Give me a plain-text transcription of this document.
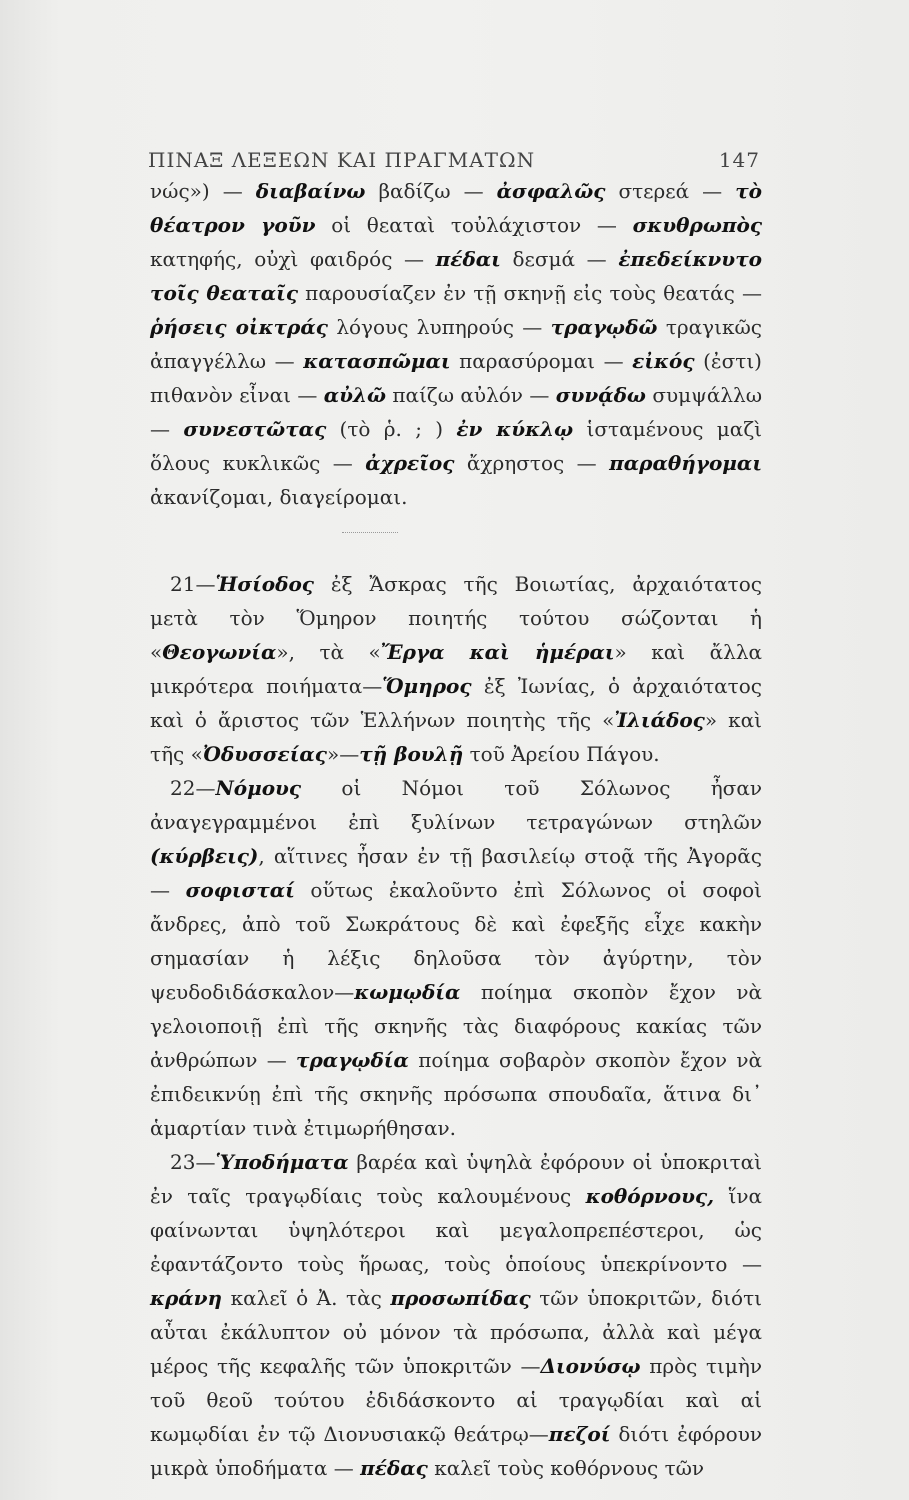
ΠΙΝΑΞ ΛΕΞΕΩΝ ΚΑΙ ΠΡΑΓΜΑΤΩΝ	147

νώς») — διαβαίνω βαδίζω — ἀσφαλῶς στερεά — τὸ θέατρον γοῦν οἱ θεαταὶ τοὐλάχιστον — σκυθρωπὸς κατηφής, οὐχὶ φαιδρός — πέδαι δεσμά — ἐπεδείκνυτο τοῖς θεαταῖς παρουσίαζεν ἐν τῇ σκηνῇ εἰς τοὺς θεατάς — ῥήσεις οἰκτράς λόγους λυπηρούς — τραγῳδῶ τραγικῶς ἀπαγγέλλω — κατασπῶμαι παρασύρομαι — εἰκός (ἐστι) πιθανὸν εἶναι — αὐλῶ παίζω αὐλόν — συνᾴδω συμψάλλω — συνεστῶτας (τὸ ῥ. ; ) ἐν κύκλῳ ἱσταμένους μαζὶ ὅλους κυκλικῶς — ἀχρεῖος ἄχρηστος — παραθήγομαι ἀκανίζομαι, διαγείρομαι.

21—Ἡσίοδος ἐξ Ἄσκρας τῆς Βοιωτίας, ἀρχαιότατος μετὰ τὸν Ὅμηρον ποιητής τούτου σώζονται ἡ «Θεογωνία», τὰ «Ἔργα καὶ ἡμέραι» καὶ ἄλλα μικρότερα ποιήματα—Ὅμηρος ἐξ Ἰωνίας, ὁ ἀρχαιότατος καὶ ὁ ἄριστος τῶν Ἑλλήνων ποιητὴς τῆς «Ἰλιάδος» καὶ τῆς «Ὀδυσσείας»—τῇ βουλῇ τοῦ Ἀρείου Πάγου.

22—Νόμους οἱ Νόμοι τοῦ Σόλωνος ἦσαν ἀναγεγραμμένοι ἐπὶ ξυλίνων τετραγώνων στηλῶν (κύρβεις), αἵτινες ἦσαν ἐν τῇ βασιλείῳ στοᾷ τῆς Ἀγορᾶς — σοφισταί οὕτως ἐκαλοῦντο ἐπὶ Σόλωνος οἱ σοφοὶ ἄνδρες, ἀπὸ τοῦ Σωκράτους δὲ καὶ ἐφεξῆς εἶχε κακὴν σημασίαν ἡ λέξις δηλοῦσα τὸν ἀγύρτην, τὸν ψευδοδιδάσκαλον—κωμῳδία ποίημα σκοπὸν ἔχον νὰ γελοιοποιῇ ἐπὶ τῆς σκηνῆς τὰς διαφόρους κακίας τῶν ἀνθρώπων — τραγῳδία ποίημα σοβαρὸν σκοπὸν ἔχον νὰ ἐπιδεικνύῃ ἐπὶ τῆς σκηνῆς πρόσωπα σπουδαῖα, ἅτινα δι᾽ ἁμαρτίαν τινὰ ἐτιμωρήθησαν.

23—Ὑποδήματα βαρέα καὶ ὑψηλὰ ἐφόρουν οἱ ὑποκριταὶ ἐν ταῖς τραγῳδίαις τοὺς καλουμένους κοθόρνους, ἵνα φαίνωνται ὑψηλότεροι καὶ μεγαλοπρεπέστεροι, ὡς ἐφαντάζοντο τοὺς ἥρωας, τοὺς ὁποίους ὑπεκρίνοντο — κράνη καλεῖ ὁ Ἀ. τὰς προσωπίδας τῶν ὑποκριτῶν, διότι αὗται ἐκάλυπτον οὐ μόνον τὰ πρόσωπα, ἀλλὰ καὶ μέγα μέρος τῆς κεφαλῆς τῶν ὑποκριτῶν —Διονύσῳ πρὸς τιμὴν τοῦ θεοῦ τούτου ἐδιδάσκοντο αἱ τραγῳδίαι καὶ αἱ κωμῳδίαι ἐν τῷ Διονυσιακῷ θεάτρῳ—πεζοί διότι ἐφόρουν μικρὰ ὑποδήματα — πέδας καλεῖ τοὺς κοθόρνους τῶν
